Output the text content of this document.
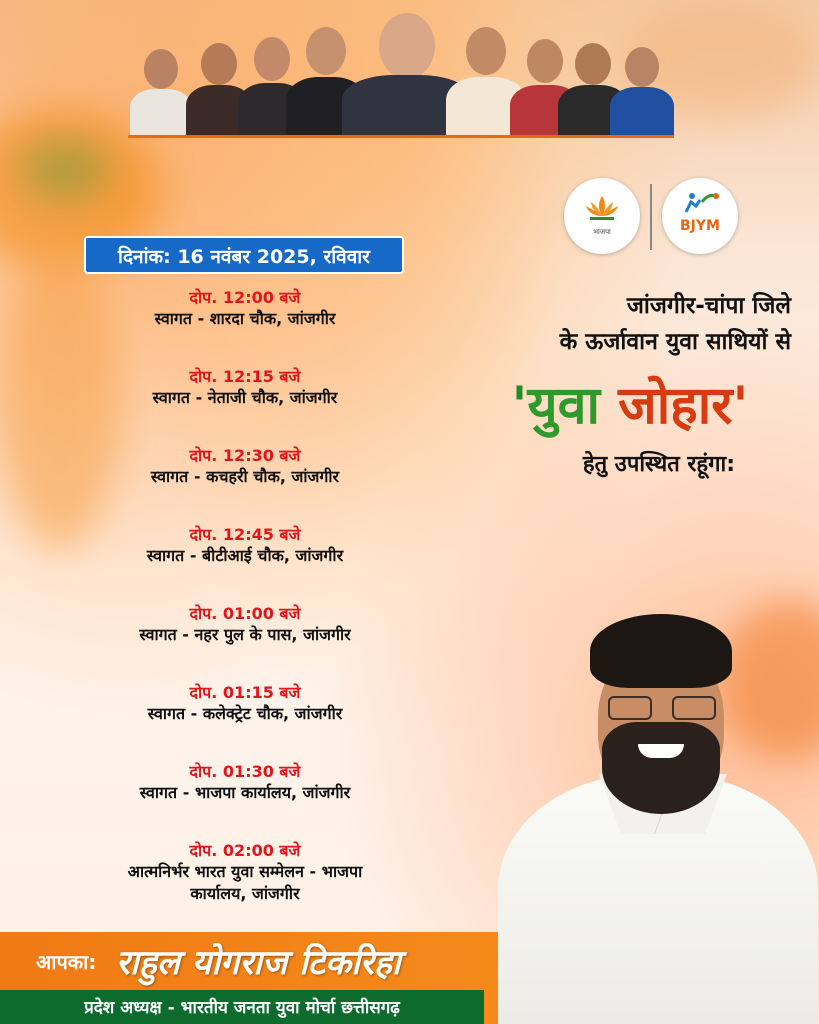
भाजपा	BJYM
दिनांक: 16 नवंबर 2025, रविवार
दोप. 12:00 बजे
स्वागत - शारदा चौक, जांजगीर
दोप. 12:15 बजे
स्वागत - नेताजी चौक, जांजगीर
दोप. 12:30 बजे
स्वागत - कचहरी चौक, जांजगीर
दोप. 12:45 बजे
स्वागत - बीटीआई चौक, जांजगीर
दोप. 01:00 बजे
स्वागत - नहर पुल के पास, जांजगीर
दोप. 01:15 बजे
स्वागत - कलेक्ट्रेट चौक, जांजगीर
दोप. 01:30 बजे
स्वागत - भाजपा कार्यालय, जांजगीर
दोप. 02:00 बजे
आत्मनिर्भर भारत युवा सम्मेलन - भाजपा
कार्यालय, जांजगीर
जांजगीर-चांपा जिले
के ऊर्जावान युवा साथियों से
'युवा जोहार'
हेतु उपस्थित रहूंगा:
आपका: राहुल योगराज टिकरिहा
प्रदेश अध्यक्ष - भारतीय जनता युवा मोर्चा छत्तीसगढ़
